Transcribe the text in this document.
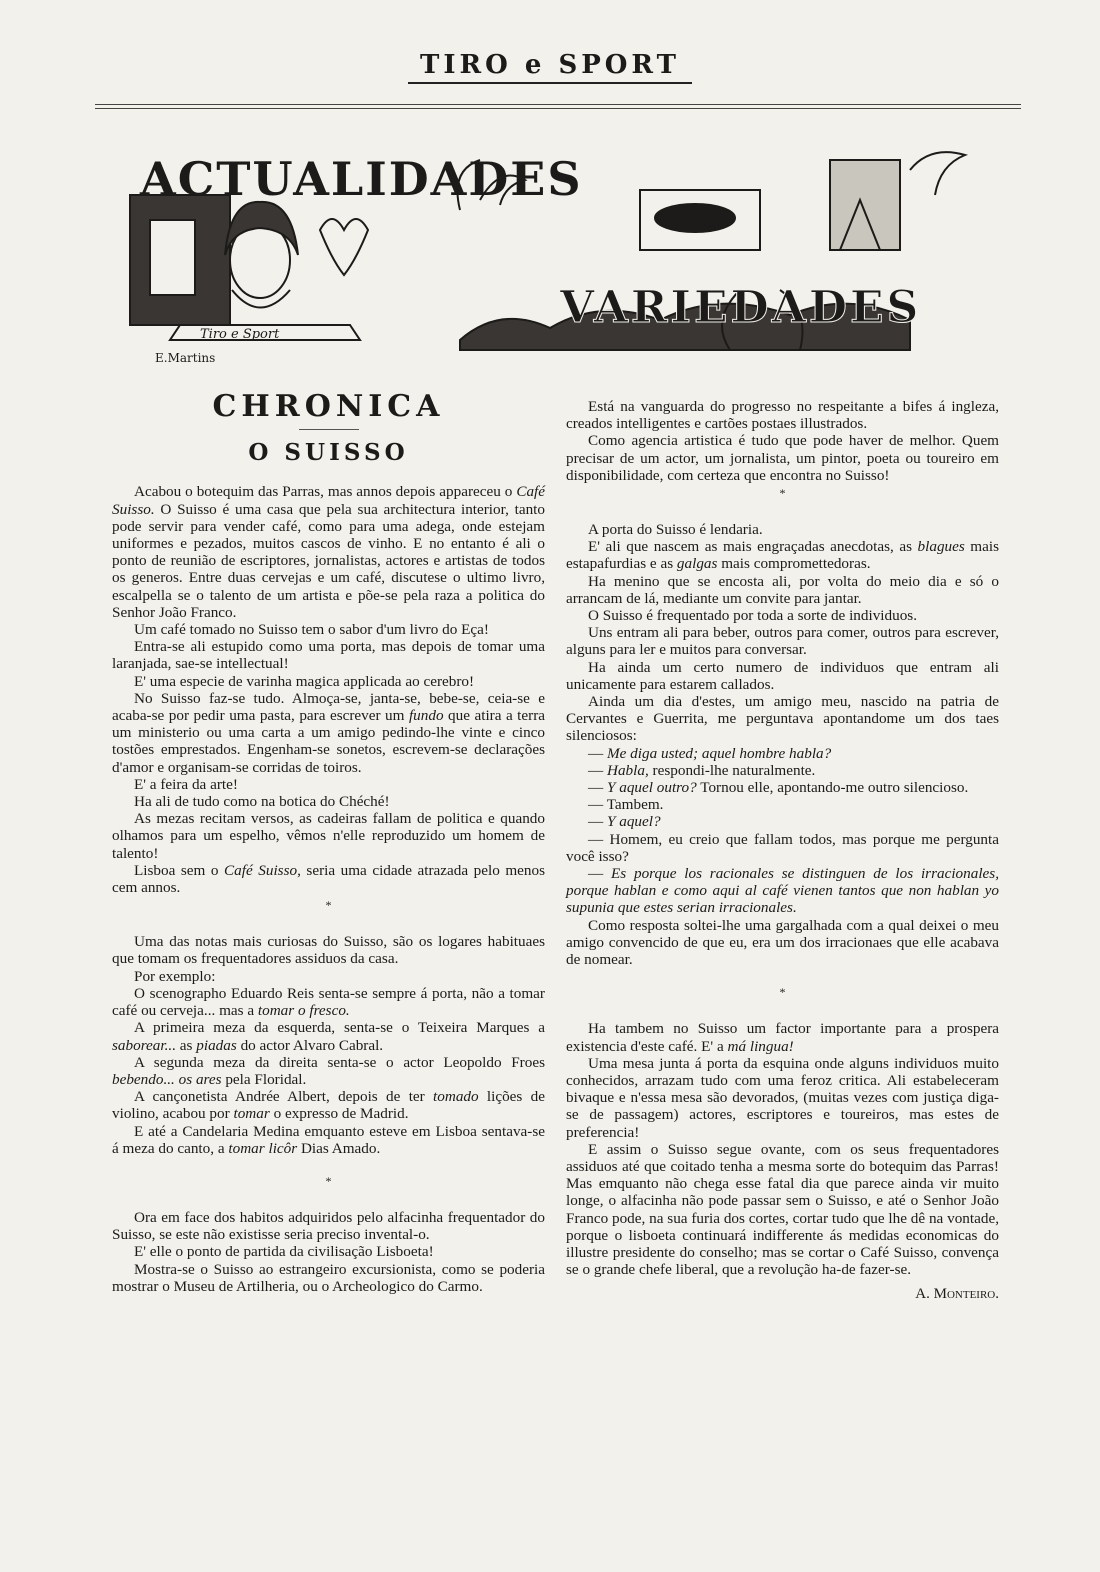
TIRO e SPORT
ACTUALIDADES
VARIEDADES
Tiro e Sport
E.Martins
CHRONICA
O SUISSO

Acabou o botequim das Parras, mas annos depois appareceu o Café Suisso. O Suisso é uma casa que pela sua architectura interior, tanto pode servir para vender café, como para uma adega, onde estejam uniformes e pezados, muitos cascos de vinho. E no entanto é ali o ponto de reunião de escriptores, jornalistas, actores e artistas de todos os generos. Entre duas cervejas e um café, discutese o ultimo livro, escalpella se o talento de um artista e põe-se pela raza a politica do Senhor João Franco.

Um café tomado no Suisso tem o sabor d'um livro do Eça!

Entra-se ali estupido como uma porta, mas depois de tomar uma laranjada, sae-se intellectual!

E' uma especie de varinha magica applicada ao cerebro!

No Suisso faz-se tudo. Almoça-se, janta-se, bebe-se, ceia-se e acaba-se por pedir uma pasta, para escrever um fundo que atira a terra um ministerio ou uma carta a um amigo pedindo-lhe vinte e cinco tostões emprestados. Engenham-se sonetos, escrevem-se declarações d'amor e organisam-se corridas de toiros.

E' a feira da arte!

Ha ali de tudo como na botica do Chéché!

As mezas recitam versos, as cadeiras fallam de politica e quando olhamos para um espelho, vêmos n'elle reproduzido um homem de talento!

Lisboa sem o Café Suisso, seria uma cidade atrazada pelo menos cem annos.

*

Uma das notas mais curiosas do Suisso, são os logares habituaes que tomam os frequentadores assiduos da casa.

Por exemplo:

O scenographo Eduardo Reis senta-se sempre á porta, não a tomar café ou cerveja... mas a tomar o fresco.

A primeira meza da esquerda, senta-se o Teixeira Marques a saborear... as piadas do actor Alvaro Cabral.

A segunda meza da direita senta-se o actor Leopoldo Froes bebendo... os ares pela Floridal.

A cançonetista Andrée Albert, depois de ter tomado lições de violino, acabou por tomar o expresso de Madrid.

E até a Candelaria Medina emquanto esteve em Lisboa sentava-se á meza do canto, a tomar licôr Dias Amado.

*

Ora em face dos habitos adquiridos pelo alfacinha frequentador do Suisso, se este não existisse seria preciso invental-o.

E' elle o ponto de partida da civilisação Lisboeta!

Mostra-se o Suisso ao estrangeiro excursionista, como se poderia mostrar o Museu de Artilheria, ou o Archeologico do Carmo.

Está na vanguarda do progresso no respeitante a bifes á ingleza, creados intelligentes e cartões postaes illustrados.

Como agencia artistica é tudo que pode haver de melhor. Quem precisar de um actor, um jornalista, um pintor, poeta ou toureiro em disponibilidade, com certeza que encontra no Suisso!

*

A porta do Suisso é lendaria.

E' ali que nascem as mais engraçadas anecdotas, as blagues mais estapafurdias e as galgas mais compromettedoras.

Ha menino que se encosta ali, por volta do meio dia e só o arrancam de lá, mediante um convite para jantar.

O Suisso é frequentado por toda a sorte de individuos.

Uns entram ali para beber, outros para comer, outros para escrever, alguns para ler e muitos para conversar.

Ha ainda um certo numero de individuos que entram ali unicamente para estarem callados.

Ainda um dia d'estes, um amigo meu, nascido na patria de Cervantes e Guerrita, me perguntava apontandome um dos taes silenciosos:

— Me diga usted; aquel hombre habla?

— Habla, respondi-lhe naturalmente.

— Y aquel outro? Tornou elle, apontando-me outro silencioso.

— Tambem.

— Y aquel?

— Homem, eu creio que fallam todos, mas porque me pergunta você isso?

— Es porque los racionales se distinguen de los irracionales, porque hablan e como aqui al café vienen tantos que non hablan yo supunia que estes serian irracionales.

Como resposta soltei-lhe uma gargalhada com a qual deixei o meu amigo convencido de que eu, era um dos irracionaes que elle acabava de nomear.

*

Ha tambem no Suisso um factor importante para a prospera existencia d'este café. E' a má lingua!

Uma mesa junta á porta da esquina onde alguns individuos muito conhecidos, arrazam tudo com uma feroz critica. Ali estabeleceram bivaque e n'essa mesa são devorados, (muitas vezes com justiça diga-se de passagem) actores, escriptores e toureiros, mas estes de preferencia!

E assim o Suisso segue ovante, com os seus frequentadores assiduos até que coitado tenha a mesma sorte do botequim das Parras! Mas emquanto não chega esse fatal dia que parece ainda vir muito longe, o alfacinha não pode passar sem o Suisso, e até o Senhor João Franco pode, na sua furia dos cortes, cortar tudo que lhe dê na vontade, porque o lisboeta continuará indifferente ás medidas economicas do illustre presidente do conselho; mas se cortar o Café Suisso, convença se o grande chefe liberal, que a revolução ha-de fazer-se.

A. Monteiro.
